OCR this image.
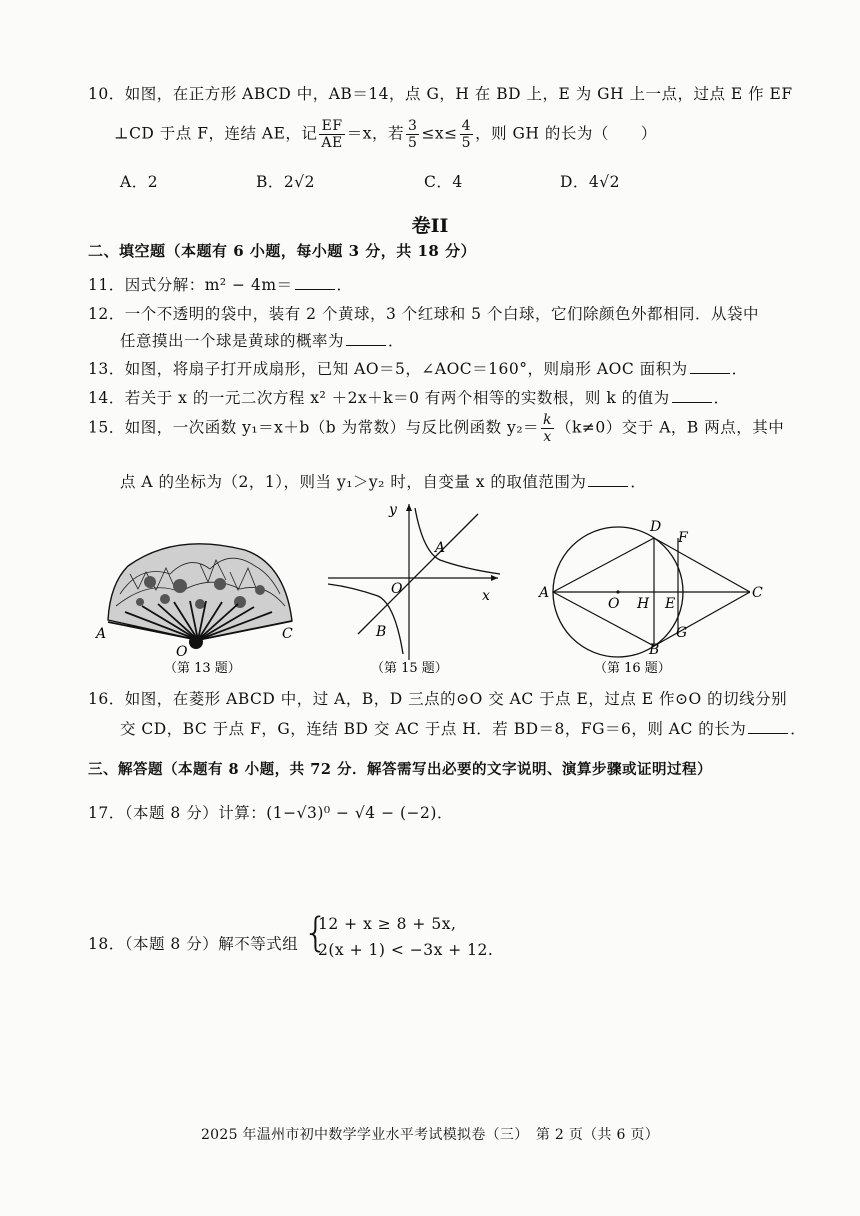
10．如图，在正方形 ABCD 中，AB＝14，点 G，H 在 BD 上，E 为 GH 上一点，过点 E 作 EF
⊥CD 于点 F，连结 AE，记 $\frac{EF}{AE} =x$，若 $\frac{3}{5} \le x\le \frac{4}{5}$ ，则 GH 的长为（　　）
A．2	B．2√2	C．4	D．4√2
卷II
二、填空题（本题有 6 小题，每小题 3 分，共 18 分）
11．因式分解：m² − 4m＝	．
12．一个不透明的袋中，装有 2 个黄球，3 个红球和 5 个白球，它们除颜色外都相同．从袋中
任意摸出一个球是黄球的概率为	．
13．如图，将扇子打开成扇形，已知 AO＝5，∠AOC＝160°，则扇形 AOC 面积为	．
14．若关于 x 的一元二次方程 x² ＋2x＋k＝0 有两个相等的实数根，则 k 的值为	．
15．如图，一次函数 y₁＝x＋b（b 为常数）与反比例函数 $y_2= \frac{k}{x} (k\ne 0)$交于 A，B 两点，其中
点 A 的坐标为（2，1），则当 y₁＞y₂ 时，自变量 x 的取值范围为	．
A	C
O
（第 13 题）
y
x
O
A
B
（第 15 题）
D
F
A
O H E
C
B
G
（第 16 题）
16．如图，在菱形 ABCD 中，过 A，B，D 三点的⊙O 交 AC 于点 E，过点 E 作⊙O 的切线分别
交 CD，BC 于点 F，G，连结 BD 交 AC 于点 H．若 BD＝8，FG＝6，则 AC 的长为	．
三、解答题（本题有 8 小题，共 72 分．解答需写出必要的文字说明、演算步骤或证明过程）
17．（本题 8 分）计算：(1−√3)⁰ − √4 − (−2)．
18．（本题 8 分）解不等式组 {
12 + x ≥ 8 + 5x,
2(x + 1) < −3x + 12.
2025 年温州市初中数学学业水平考试模拟卷（三）　第 2 页（共 6 页）
